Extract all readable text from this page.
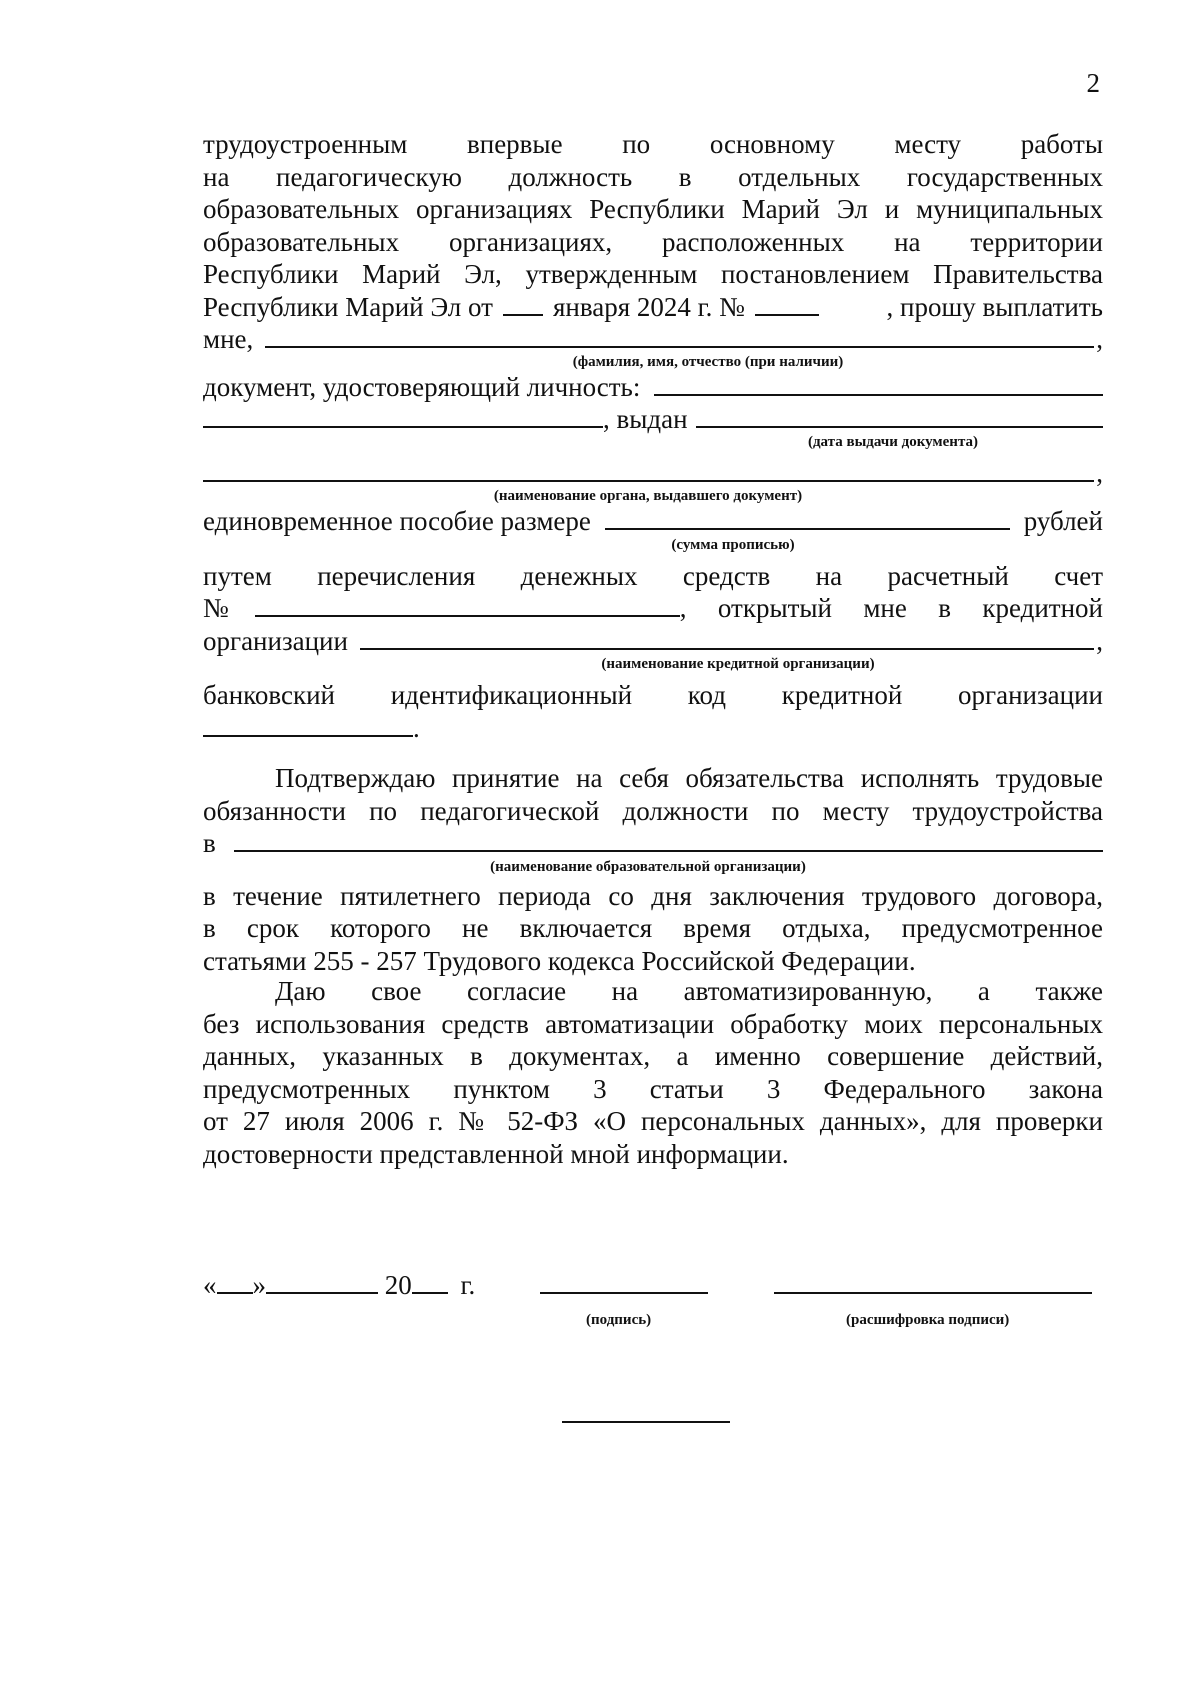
2
трудоустроенным впервые по основному месту работы
на педагогическую должность в отдельных государственных
образовательных организациях Республики Марий Эл и муниципальных
образовательных организациях, расположенных на территории
Республики Марий Эл, утвержденным постановлением Правительства
Республики Марий Эл от января 2024 г. №	, прошу выплатить
мне,	,
(фамилия, имя, отчество (при наличии)
документ, удостоверяющий личность:
, выдан
(дата выдачи документа)
,
(наименование органа, выдавшего документ)
единовременное пособие размере	рублей
(сумма прописью)
путем перечисления денежных средств на расчетный счет
№	, открытый мне в кредитной
организации	,
(наименование кредитной организации)
банковский идентификационный код кредитной организации
.
Подтверждаю принятие на себя обязательства исполнять трудовые
обязанности по педагогической должности по месту трудоустройства
в
(наименование образовательной организации)
в течение пятилетнего периода со дня заключения трудового договора,
в срок которого не включается время отдыха, предусмотренное
статьями 255 - 257 Трудового кодекса Российской Федерации.
Даю свое согласие на автоматизированную, а также
без использования средств автоматизации обработку моих персональных
данных, указанных в документах, а именно совершение действий,
предусмотренных пунктом 3 статьи 3 Федерального закона
от 27 июля 2006 г. № 52-ФЗ «О персональных данных», для проверки
достоверности представленной мной информации.
« »	20 г.
(подпись)	(расшифровка подписи)
